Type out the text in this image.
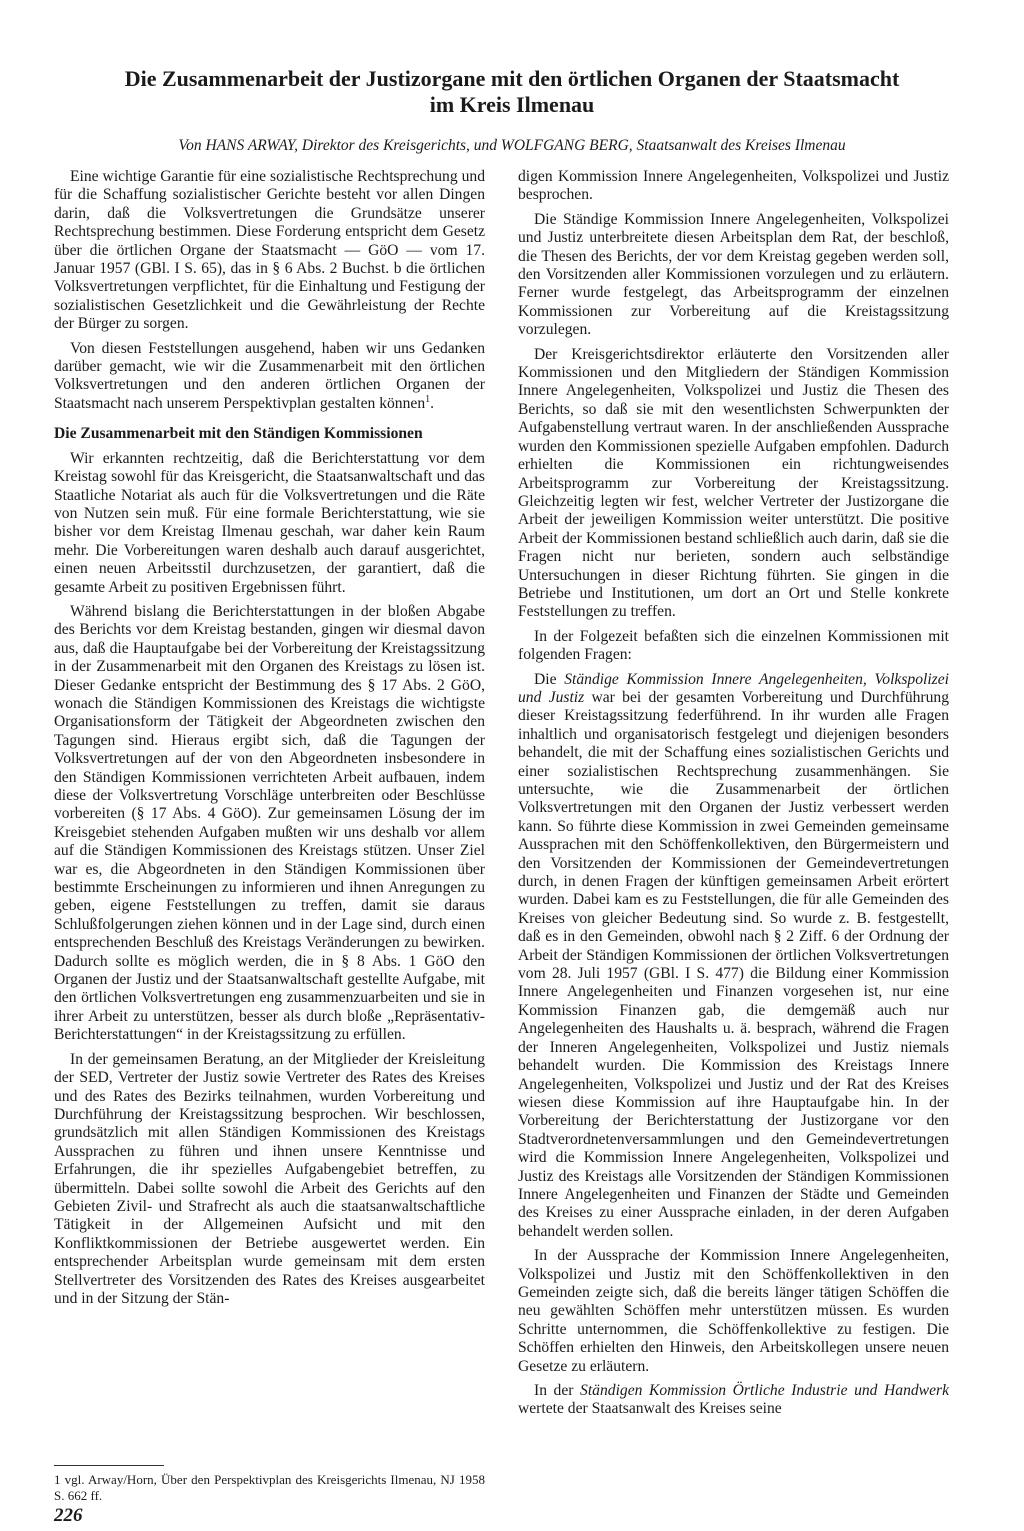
Die Zusammenarbeit der Justizorgane mit den örtlichen Organen der Staatsmacht
im Kreis Ilmenau
Von HANS ARWAY, Direktor des Kreisgerichts, und WOLFGANG BERG, Staatsanwalt des Kreises Ilmenau

Eine wichtige Garantie für eine sozialistische Rechtsprechung und für die Schaffung sozialistischer Gerichte besteht vor allen Dingen darin, daß die Volksvertretungen die Grundsätze unserer Rechtsprechung bestimmen. Diese Forderung entspricht dem Gesetz über die örtlichen Organe der Staatsmacht — GöO — vom 17. Januar 1957 (GBl. I S. 65), das in § 6 Abs. 2 Buchst. b die örtlichen Volksvertretungen verpflichtet, für die Einhaltung und Festigung der sozialistischen Gesetzlichkeit und die Gewährleistung der Rechte der Bürger zu sorgen.

Von diesen Feststellungen ausgehend, haben wir uns Gedanken darüber gemacht, wie wir die Zusammenarbeit mit den örtlichen Volksvertretungen und den anderen örtlichen Organen der Staatsmacht nach unserem Perspektivplan gestalten können$^1$.

Die Zusammenarbeit mit den Ständigen Kommissionen

Wir erkannten rechtzeitig, daß die Berichterstattung vor dem Kreistag sowohl für das Kreisgericht, die Staatsanwaltschaft und das Staatliche Notariat als auch für die Volksvertretungen und die Räte von Nutzen sein muß. Für eine formale Berichterstattung, wie sie bisher vor dem Kreistag Ilmenau geschah, war daher kein Raum mehr. Die Vorbereitungen waren deshalb auch darauf ausgerichtet, einen neuen Arbeitsstil durchzusetzen, der garantiert, daß die gesamte Arbeit zu positiven Ergebnissen führt.

Während bislang die Berichterstattungen in der bloßen Abgabe des Berichts vor dem Kreistag bestanden, gingen wir diesmal davon aus, daß die Hauptaufgabe bei der Vorbereitung der Kreistagssitzung in der Zusammenarbeit mit den Organen des Kreistags zu lösen ist. Dieser Gedanke entspricht der Bestimmung des § 17 Abs. 2 GöO, wonach die Ständigen Kommissionen des Kreistags die wichtigste Organisationsform der Tätigkeit der Abgeordneten zwischen den Tagungen sind. Hieraus ergibt sich, daß die Tagungen der Volksvertretungen auf der von den Abgeordneten insbesondere in den Ständigen Kommissionen verrichteten Arbeit aufbauen, indem diese der Volksvertretung Vorschläge unterbreiten oder Beschlüsse vorbereiten (§ 17 Abs. 4 GöO). Zur gemeinsamen Lösung der im Kreisgebiet stehenden Aufgaben mußten wir uns deshalb vor allem auf die Ständigen Kommissionen des Kreistags stützen. Unser Ziel war es, die Abgeordneten in den Ständigen Kommissionen über bestimmte Erscheinungen zu informieren und ihnen Anregungen zu geben, eigene Feststellungen zu treffen, damit sie daraus Schlußfolgerungen ziehen können und in der Lage sind, durch einen entsprechenden Beschluß des Kreistags Veränderungen zu bewirken. Dadurch sollte es möglich werden, die in § 8 Abs. 1 GöO den Organen der Justiz und der Staatsanwaltschaft gestellte Aufgabe, mit den örtlichen Volksvertretungen eng zusammenzuarbeiten und sie in ihrer Arbeit zu unterstützen, besser als durch bloße „Repräsentativ-Berichterstattungen“ in der Kreistagssitzung zu erfüllen.

In der gemeinsamen Beratung, an der Mitglieder der Kreisleitung der SED, Vertreter der Justiz sowie Vertreter des Rates des Kreises und des Rates des Bezirks teilnahmen, wurden Vorbereitung und Durchführung der Kreistagssitzung besprochen. Wir beschlossen, grundsätzlich mit allen Ständigen Kommissionen des Kreistags Aussprachen zu führen und ihnen unsere Kenntnisse und Erfahrungen, die ihr spezielles Aufgabengebiet betreffen, zu übermitteln. Dabei sollte sowohl die Arbeit des Gerichts auf den Gebieten Zivil- und Strafrecht als auch die staatsanwaltschaftliche Tätigkeit in der Allgemeinen Aufsicht und mit den Konfliktkommissionen der Betriebe ausgewertet werden. Ein entsprechender Arbeitsplan wurde gemeinsam mit dem ersten Stellvertreter des Vorsitzenden des Rates des Kreises ausgearbeitet und in der Sitzung der Stän-

digen Kommission Innere Angelegenheiten, Volkspolizei und Justiz besprochen.

Die Ständige Kommission Innere Angelegenheiten, Volkspolizei und Justiz unterbreitete diesen Arbeitsplan dem Rat, der beschloß, die Thesen des Berichts, der vor dem Kreistag gegeben werden soll, den Vorsitzenden aller Kommissionen vorzulegen und zu erläutern. Ferner wurde festgelegt, das Arbeitsprogramm der einzelnen Kommissionen zur Vorbereitung auf die Kreistagssitzung vorzulegen.

Der Kreisgerichtsdirektor erläuterte den Vorsitzenden aller Kommissionen und den Mitgliedern der Ständigen Kommission Innere Angelegenheiten, Volkspolizei und Justiz die Thesen des Berichts, so daß sie mit den wesentlichsten Schwerpunkten der Aufgabenstellung vertraut waren. In der anschließenden Aussprache wurden den Kommissionen spezielle Aufgaben empfohlen. Dadurch erhielten die Kommissionen ein richtungweisendes Arbeitsprogramm zur Vorbereitung der Kreistagssitzung. Gleichzeitig legten wir fest, welcher Vertreter der Justizorgane die Arbeit der jeweiligen Kommission weiter unterstützt. Die positive Arbeit der Kommissionen bestand schließlich auch darin, daß sie die Fragen nicht nur berieten, sondern auch selbständige Untersuchungen in dieser Richtung führten. Sie gingen in die Betriebe und Institutionen, um dort an Ort und Stelle konkrete Feststellungen zu treffen.

In der Folgezeit befaßten sich die einzelnen Kommissionen mit folgenden Fragen:

Die Ständige Kommission Innere Angelegenheiten, Volkspolizei und Justiz war bei der gesamten Vorbereitung und Durchführung dieser Kreistagssitzung federführend. In ihr wurden alle Fragen inhaltlich und organisatorisch festgelegt und diejenigen besonders behandelt, die mit der Schaffung eines sozialistischen Gerichts und einer sozialistischen Rechtsprechung zusammenhängen. Sie untersuchte, wie die Zusammenarbeit der örtlichen Volksvertretungen mit den Organen der Justiz verbessert werden kann. So führte diese Kommission in zwei Gemeinden gemeinsame Aussprachen mit den Schöffenkollektiven, den Bürgermeistern und den Vorsitzenden der Kommissionen der Gemeindevertretungen durch, in denen Fragen der künftigen gemeinsamen Arbeit erörtert wurden. Dabei kam es zu Feststellungen, die für alle Gemeinden des Kreises von gleicher Bedeutung sind. So wurde z. B. festgestellt, daß es in den Gemeinden, obwohl nach § 2 Ziff. 6 der Ordnung der Arbeit der Ständigen Kommissionen der örtlichen Volksvertretungen vom 28. Juli 1957 (GBl. I S. 477) die Bildung einer Kommission Innere Angelegenheiten und Finanzen vorgesehen ist, nur eine Kommission Finanzen gab, die demgemäß auch nur Angelegenheiten des Haushalts u. ä. besprach, während die Fragen der Inneren Angelegenheiten, Volkspolizei und Justiz niemals behandelt wurden. Die Kommission des Kreistags Innere Angelegenheiten, Volkspolizei und Justiz und der Rat des Kreises wiesen diese Kommission auf ihre Hauptaufgabe hin. In der Vorbereitung der Berichterstattung der Justizorgane vor den Stadtverordnetenversammlungen und den Gemeindevertretungen wird die Kommission Innere Angelegenheiten, Volkspolizei und Justiz des Kreistags alle Vorsitzenden der Ständigen Kommissionen Innere Angelegenheiten und Finanzen der Städte und Gemeinden des Kreises zu einer Aussprache einladen, in der deren Aufgaben behandelt werden sollen.

In der Aussprache der Kommission Innere Angelegenheiten, Volkspolizei und Justiz mit den Schöffenkollektiven in den Gemeinden zeigte sich, daß die bereits länger tätigen Schöffen die neu gewählten Schöffen mehr unterstützen müssen. Es wurden Schritte unternommen, die Schöffenkollektive zu festigen. Die Schöffen erhielten den Hinweis, den Arbeitskollegen unsere neuen Gesetze zu erläutern.

In der Ständigen Kommission Örtliche Industrie und Handwerk wertete der Staatsanwalt des Kreises seine

1 vgl. Arway/Horn, Über den Perspektivplan des Kreisgerichts Ilmenau, NJ 1958 S. 662 ff.
226
